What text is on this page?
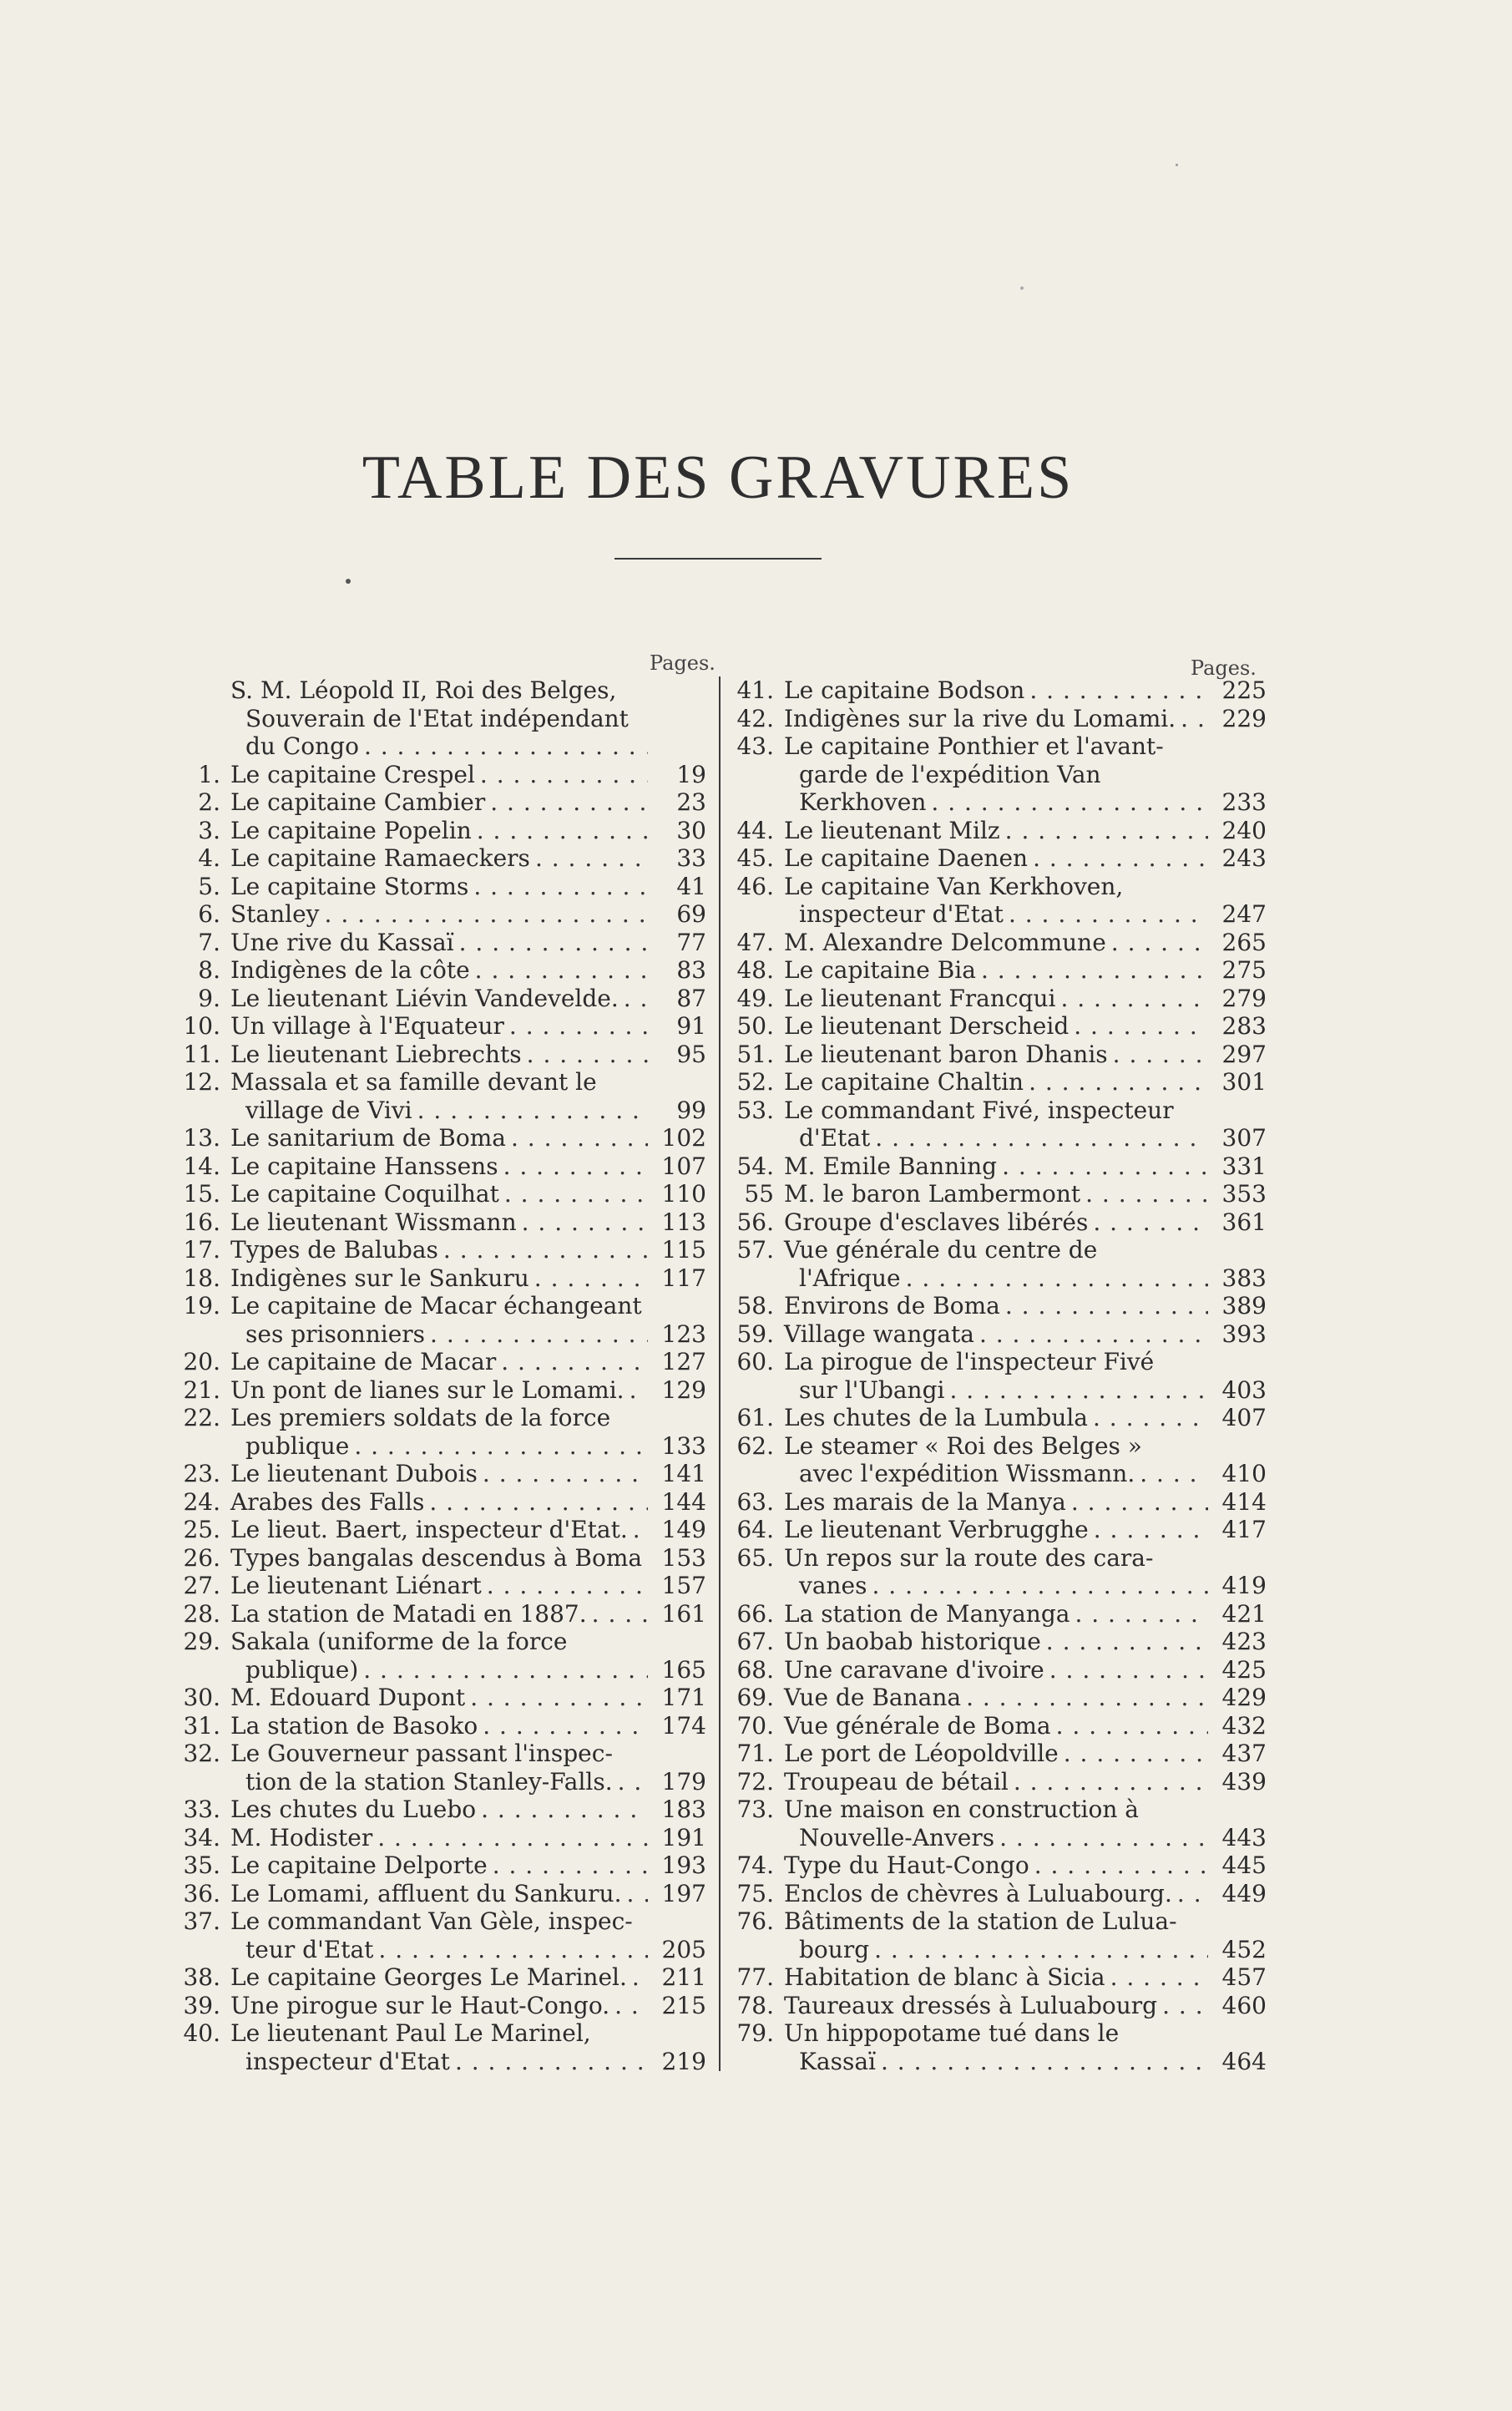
TABLE DES GRAVURES
Pages.	Pages.
S. M. Léopold II, Roi des Belges,
Souverain de l'Etat indépendant
du Congo
. . .
1. Le capitaine Crespel . . .	19
2. Le capitaine Cambier . . .	23
3. Le capitaine Popelin . . .	30
4. Le capitaine Ramaeckers . . .	33
5. Le capitaine Storms . . .	41
6. Stanley . . .	69
7. Une rive du Kassaï . . .	77
8. Indigènes de la côte . . .	83
9. Le lieutenant Liévin Vandevelde. . . .	87
10. Un village à l'Equateur . . .	91
11. Le lieutenant Liebrechts . . .	95
12. Massala et sa famille devant le
village de Vivi . . .	99
13. Le sanitarium de Boma . . .	102
14. Le capitaine Hanssens . . .	107
15. Le capitaine Coquilhat . . .	110
16. Le lieutenant Wissmann . . .	113
17. Types de Balubas . . .	115
18. Indigènes sur le Sankuru . . .	117
19. Le capitaine de Macar échangeant
ses prisonniers . . .	123
20. Le capitaine de Macar . . .	127
21. Un pont de lianes sur le Lomami. . . .	129
22. Les premiers soldats de la force
publique . . .	133
23. Le lieutenant Dubois . . .	141
24. Arabes des Falls . . .	144
25. Le lieut. Baert, inspecteur d'Etat. . . .	149
26. Types bangalas descendus à Boma . . . 153
27. Le lieutenant Liénart . . .	157
28. La station de Matadi en 1887. . . .	161
29. Sakala (uniforme de la force
publique) . . .	165
30. M. Edouard Dupont . . .	171
31. La station de Basoko . . .	174
32. Le Gouverneur passant l'inspec-
tion de la station Stanley-Falls. . . .	179
33. Les chutes du Luebo . . .	183
34. M. Hodister . . .	191
35. Le capitaine Delporte . . .	193
36. Le Lomami, affluent du Sankuru. . . .	197
37. Le commandant Van Gèle, inspec-
teur d'Etat . . .	205
38. Le capitaine Georges Le Marinel. . . .	211
39. Une pirogue sur le Haut-Congo. . . .	215
40. Le lieutenant Paul Le Marinel,
inspecteur d'Etat . . .	219
41. Le capitaine Bodson . . .	225
42. Indigènes sur la rive du Lomami. . . .	229
43. Le capitaine Ponthier et l'avant-
garde de l'expédition Van
Kerkhoven . . .	233
44. Le lieutenant Milz . . .	240
45. Le capitaine Daenen . . .	243
46. Le capitaine Van Kerkhoven,
inspecteur d'Etat . . .	247
47. M. Alexandre Delcommune . . .	265
48. Le capitaine Bia . . .	275
49. Le lieutenant Francqui . . .	279
50. Le lieutenant Derscheid . . .	283
51. Le lieutenant baron Dhanis . . .	297
52. Le capitaine Chaltin . . .	301
53. Le commandant Fivé, inspecteur
d'Etat . . .	307
54. M. Emile Banning . . .	331
55 M. le baron Lambermont . . .	353
56. Groupe d'esclaves libérés . . .	361
57. Vue générale du centre de
l'Afrique . . .	383
58. Environs de Boma . . .	389
59. Village wangata . . .	393
60. La pirogue de l'inspecteur Fivé
sur l'Ubangi . . .	403
61. Les chutes de la Lumbula . . .	407
62. Le steamer « Roi des Belges »
avec l'expédition Wissmann. . . .	410
63. Les marais de la Manya . . .	414
64. Le lieutenant Verbrugghe . . .	417
65. Un repos sur la route des cara-
vanes . . .	419
66. La station de Manyanga . . .	421
67. Un baobab historique . . .	423
68. Une caravane d'ivoire . . .	425
69. Vue de Banana . . .	429
70. Vue générale de Boma . . .	432
71. Le port de Léopoldville . . .	437
72. Troupeau de bétail . . .	439
73. Une maison en construction à
Nouvelle-Anvers . . .	443
74. Type du Haut-Congo . . .	445
75. Enclos de chèvres à Luluabourg. . . .	449
76. Bâtiments de la station de Lulua-
bourg . . .	452
77. Habitation de blanc à Sicia . . .	457
78. Taureaux dressés à Luluabourg . . .	460
79. Un hippopotame tué dans le
Kassaï . . .	464
